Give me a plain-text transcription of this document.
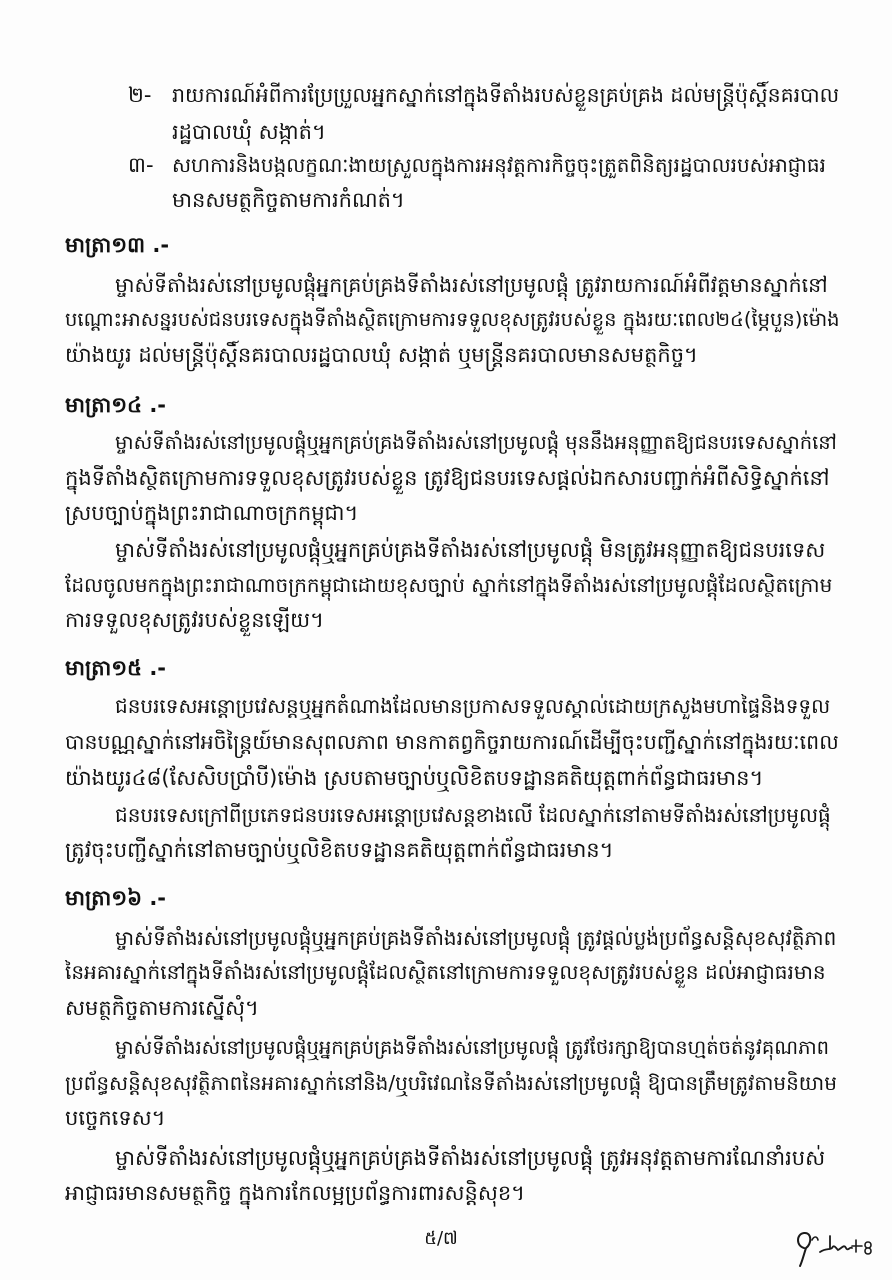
២-	រាយការណ៍អំពីការប្រែប្រួលអ្នកស្នាក់នៅក្នុងទីតាំងរបស់ខ្លួនគ្រប់គ្រង ដល់មន្ត្រីប៉ុស្តិ៍នគរបាល
រដ្ឋបាលឃុំ សង្កាត់។
៣- សហការនិងបង្កលក្ខណៈងាយស្រួលក្នុងការអនុវត្តការកិច្ចចុះត្រួតពិនិត្យរដ្ឋបាលរបស់អាជ្ញាធរ
មានសមត្ថកិច្ចតាមការកំណត់។
មាត្រា១៣ .-
ម្ចាស់ទីតាំងរស់នៅប្រមូលផ្តុំអ្នកគ្រប់គ្រងទីតាំងរស់នៅប្រមូលផ្តុំ ត្រូវរាយការណ៍អំពីវត្តមានស្នាក់នៅ
បណ្តោះអាសន្នរបស់ជនបរទេសក្នុងទីតាំងស្ថិតក្រោមការទទួលខុសត្រូវរបស់ខ្លួន ក្នុងរយៈពេល២៤(ម្ភៃបួន)ម៉ោង
យ៉ាងយូរ ដល់មន្ត្រីប៉ុស្តិ៍នគរបាលរដ្ឋបាលឃុំ សង្កាត់ ឬមន្ត្រីនគរបាលមានសមត្ថកិច្ច។
មាត្រា១៤ .-
ម្ចាស់ទីតាំងរស់នៅប្រមូលផ្តុំឬអ្នកគ្រប់គ្រងទីតាំងរស់នៅប្រមូលផ្តុំ មុននឹងអនុញ្ញាតឱ្យជនបរទេសស្នាក់នៅ
ក្នុងទីតាំងស្ថិតក្រោមការទទួលខុសត្រូវរបស់ខ្លួន ត្រូវឱ្យជនបរទេសផ្តល់ឯកសារបញ្ជាក់អំពីសិទ្ធិស្នាក់នៅ
ស្របច្បាប់ក្នុងព្រះរាជាណាចក្រកម្ពុជា។
ម្ចាស់ទីតាំងរស់នៅប្រមូលផ្តុំឬអ្នកគ្រប់គ្រងទីតាំងរស់នៅប្រមូលផ្តុំ មិនត្រូវអនុញ្ញាតឱ្យជនបរទេស
ដែលចូលមកក្នុងព្រះរាជាណាចក្រកម្ពុជាដោយខុសច្បាប់ ស្នាក់នៅក្នុងទីតាំងរស់នៅប្រមូលផ្តុំដែលស្ថិតក្រោម
ការទទួលខុសត្រូវរបស់ខ្លួនឡើយ។
មាត្រា១៥ .-
ជនបរទេសអន្តោប្រវេសន្តឬអ្នកតំណាងដែលមានប្រកាសទទួលស្គាល់ដោយក្រសួងមហាផ្ទៃនិងទទួល
បានបណ្ណស្នាក់នៅអចិន្ត្រៃយ៍មានសុពលភាព មានកាតព្វកិច្ចរាយការណ៍ដើម្បីចុះបញ្ជីស្នាក់នៅក្នុងរយៈពេល
យ៉ាងយូរ៤៨(សែសិបប្រាំបី)ម៉ោង ស្របតាមច្បាប់ឬលិខិតបទដ្ឋានគតិយុត្តពាក់ព័ន្ធជាធរមាន។
ជនបរទេសក្រៅពីប្រភេទជនបរទេសអន្តោប្រវេសន្តខាងលើ ដែលស្នាក់នៅតាមទីតាំងរស់នៅប្រមូលផ្តុំ
ត្រូវចុះបញ្ជីស្នាក់នៅតាមច្បាប់ឬលិខិតបទដ្ឋានគតិយុត្តពាក់ព័ន្ធជាធរមាន។
មាត្រា១៦ .-
ម្ចាស់ទីតាំងរស់នៅប្រមូលផ្តុំឬអ្នកគ្រប់គ្រងទីតាំងរស់នៅប្រមូលផ្តុំ ត្រូវផ្តល់ប្លង់ប្រព័ន្ធសន្តិសុខសុវត្ថិភាព
នៃអគារស្នាក់នៅក្នុងទីតាំងរស់នៅប្រមូលផ្តុំដែលស្ថិតនៅក្រោមការទទួលខុសត្រូវរបស់ខ្លួន ដល់អាជ្ញាធរមាន
សមត្ថកិច្ចតាមការស្នើសុំ។
ម្ចាស់ទីតាំងរស់នៅប្រមូលផ្តុំឬអ្នកគ្រប់គ្រងទីតាំងរស់នៅប្រមូលផ្តុំ ត្រូវថែរក្សាឱ្យបានហ្មត់ចត់នូវគុណភាព
ប្រព័ន្ធសន្តិសុខសុវត្ថិភាពនៃអគារស្នាក់នៅនិង/ឬបរិវេណនៃទីតាំងរស់នៅប្រមូលផ្តុំ ឱ្យបានត្រឹមត្រូវតាមនិយាម
បច្ចេកទេស។
ម្ចាស់ទីតាំងរស់នៅប្រមូលផ្តុំឬអ្នកគ្រប់គ្រងទីតាំងរស់នៅប្រមូលផ្តុំ ត្រូវអនុវត្តតាមការណែនាំរបស់
អាជ្ញាធរមានសមត្ថកិច្ច ក្នុងការកែលម្អប្រព័ន្ធការពារសន្តិសុខ។
៥/៧
